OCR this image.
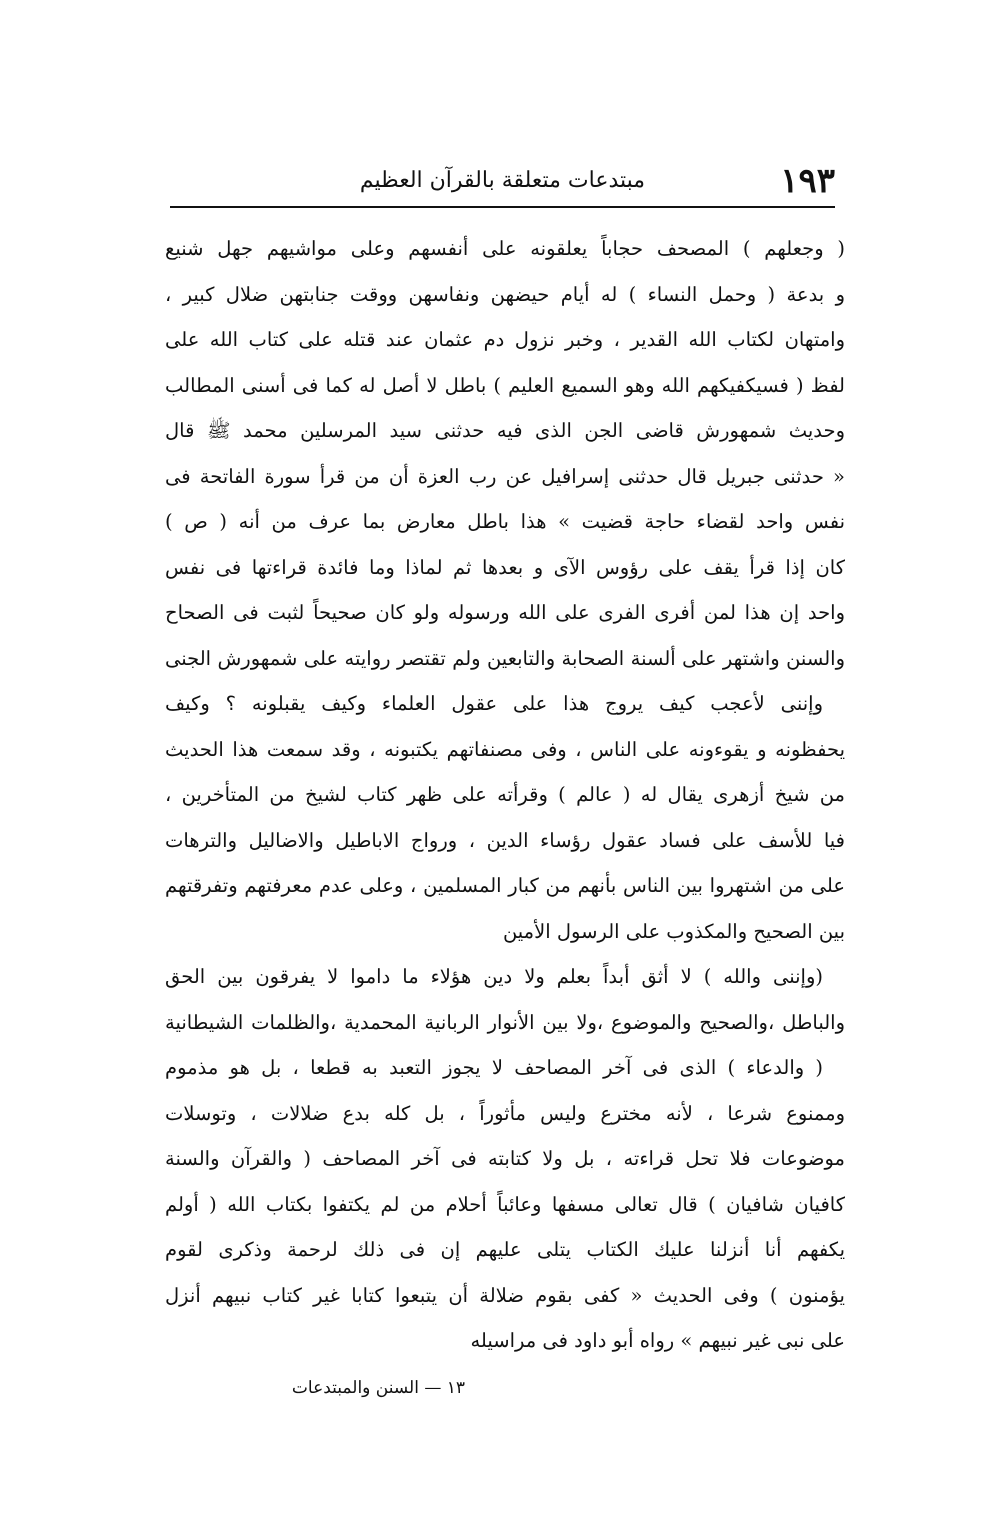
١٩٣
مبتدعات متعلقة بالقرآن العظيم
( وجعلهم ) المصحف حجاباً يعلقونه على أنفسهم وعلى مواشيهم جهل شنيع
و بدعة ( وحمل النساء ) له أيام حيضهن ونفاسهن ووقت جنابتهن ضلال كبير ،
وامتهان لكتاب الله القدير ، وخبر نزول دم عثمان عند قتله على كتاب الله على
لفظ ( فسيكفيكهم الله وهو السميع العليم ) باطل لا أصل له كما فى أسنى المطالب
وحديث شمهورش قاضى الجن الذى فيه حدثنى سيد المرسلين محمد ﷺ قال
« حدثنى جبريل قال حدثنى إسرافيل عن رب العزة أن من قرأ سورة الفاتحة فى
نفس واحد لقضاء حاجة قضيت » هذا باطل معارض بما عرف من أنه ( ص )
كان إذا قرأ يقف على رؤوس الآى و بعدها ثم لماذا وما فائدة قراءتها فى نفس
واحد إن هذا لمن أفرى الفرى على الله ورسوله ولو كان صحيحاً لثبت فى الصحاح
والسنن واشتهر على ألسنة الصحابة والتابعين ولم تقتصر روايته على شمهورش الجنى
وإننى لأعجب كيف يروج هذا على عقول العلماء وكيف يقبلونه ؟ وكيف
يحفظونه و يقوءونه على الناس ، وفى مصنفاتهم يكتبونه ، وقد سمعت هذا الحديث
من شيخ أزهرى يقال له ( عالم ) وقرأته على ظهر كتاب لشيخ من المتأخرين ،
فيا للأسف على فساد عقول رؤساء الدين ، ورواج الاباطيل والاضاليل والترهات
على من اشتهروا بين الناس بأنهم من كبار المسلمين ، وعلى عدم معرفتهم وتفرقتهم
بين الصحيح والمكذوب على الرسول الأمين
(وإننى والله ) لا أثق أبداً بعلم ولا دين هؤلاء ما داموا لا يفرقون بين الحق
والباطل ،والصحيح والموضوع ،ولا بين الأنوار الربانية المحمدية ،والظلمات الشيطانية
( والدعاء ) الذى فى آخر المصاحف لا يجوز التعبد به قطعا ، بل هو مذموم
وممنوع شرعا ، لأنه مخترع وليس مأثوراً ، بل كله بدع ضلالات ، وتوسلات
موضوعات فلا تحل قراءته ، بل ولا كتابته فى آخر المصاحف ( والقرآن والسنة
كافيان شافيان ) قال تعالى مسفها وعائباً أحلام من لم يكتفوا بكتاب الله ( أولم
يكفهم أنا أنزلنا عليك الكتاب يتلى عليهم إن فى ذلك لرحمة وذكرى لقوم
يؤمنون ) وفى الحديث « كفى بقوم ضلالة أن يتبعوا كتابا غير كتاب نبيهم أنزل
على نبى غير نبيهم » رواه أبو داود فى مراسيله
١٣ — السنن والمبتدعات
